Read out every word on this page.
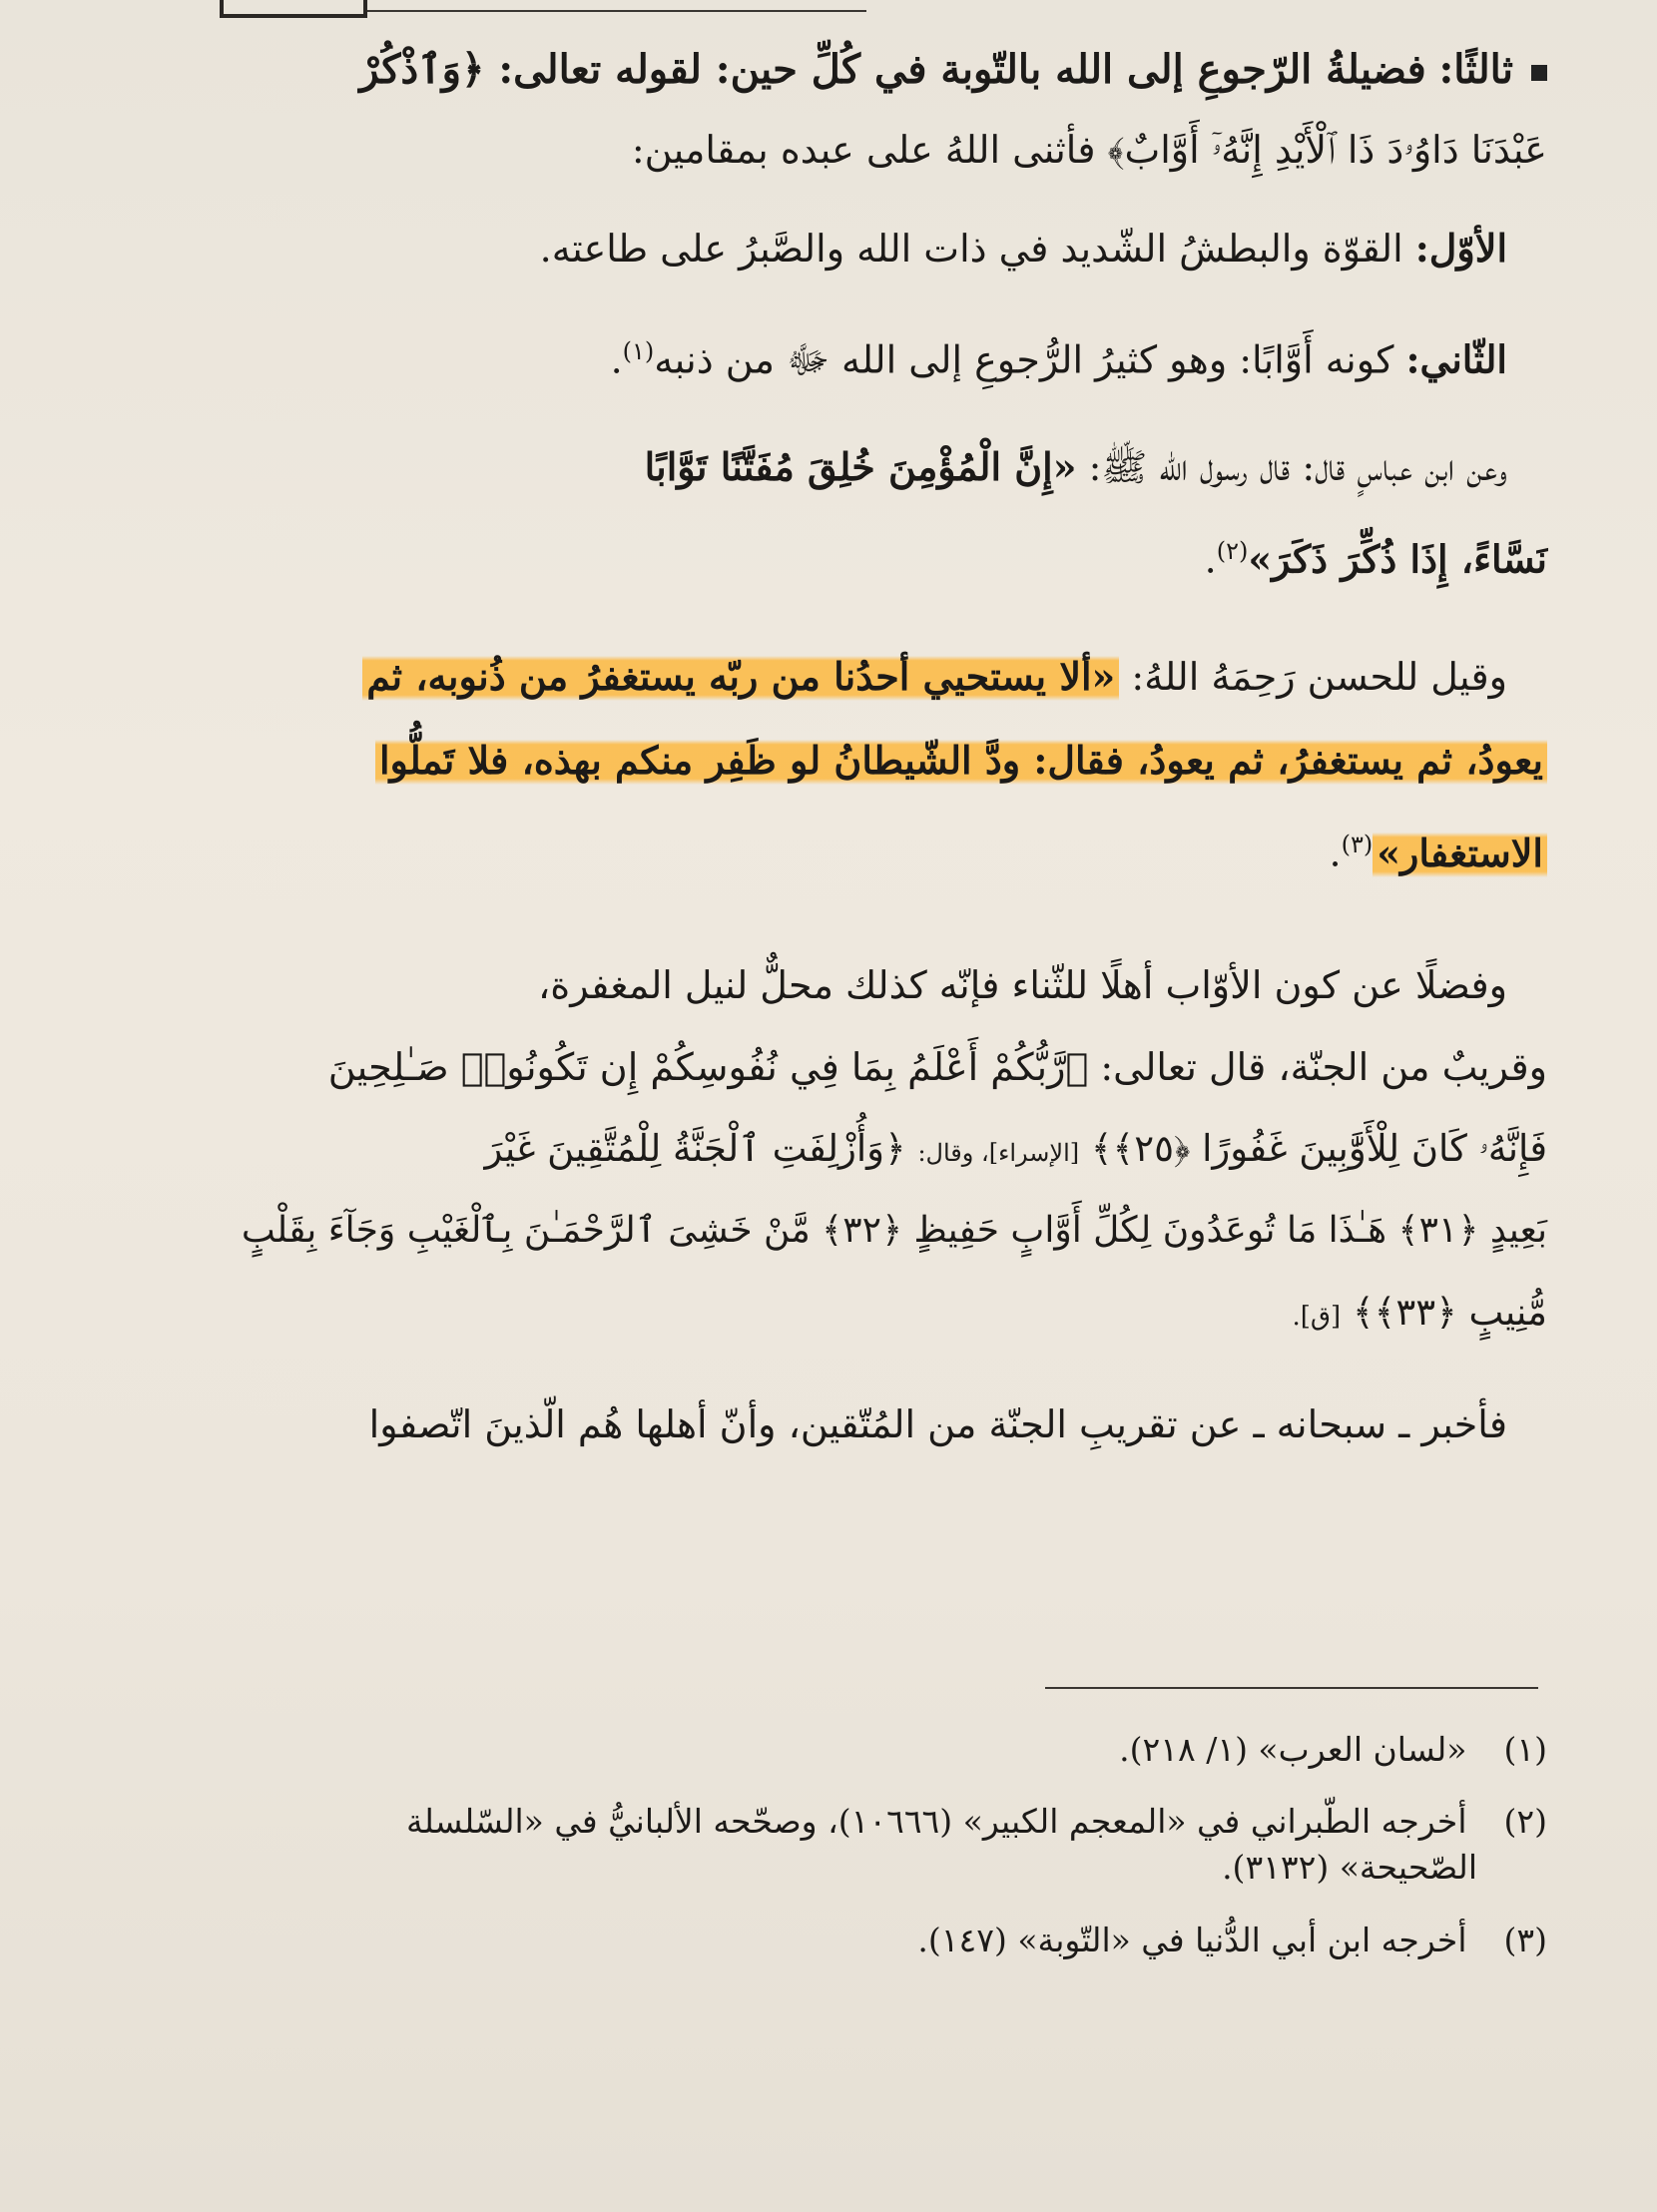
ثالثًا: فضيلةُ الرّجوعِ إلى الله بالتّوبة في كُلِّ حين: لقوله تعالى: ﴿وَٱذْكُرْ
عَبْدَنَا دَاوُۥدَ ذَا ٱلْأَيْدِ إِنَّهُۥٓ أَوَّابٌ﴾ فأثنى اللهُ على عبده بمقامين:
الأوّل: القوّة والبطشُ الشّديد في ذات الله والصَّبرُ على طاعته.
الثّاني: كونه أَوَّابًا: وهو كثيرُ الرُّجوعِ إلى الله ﷻ من ذنبه$^{(١)}$.
وعن ابن عباسٍ قال: قال رسول الله ﷺ: «إِنَّ الْمُؤْمِنَ خُلِقَ مُفَتَّنًا تَوَّابًا
نَسَّاءً، إِذَا ذُكِّرَ ذَكَرَ»$^{(٢)}$.
وقيل للحسن رَحِمَهُ اللهُ: «ألا يستحيي أحدُنا من ربّه يستغفرُ من ذُنوبه، ثم
يعودُ، ثم يستغفرُ، ثم يعودُ، فقال: ودَّ الشّيطانُ لو ظَفِر منكم بهذه، فلا تَملُّوا
الاستغفار»$^{(٣)}$.
وفضلًا عن كون الأوّاب أهلًا للثّناء فإنّه كذلك محلٌّ لنيل المغفرة،
وقريبٌ من الجنّة، قال تعالى: ﴿رَّبُّكُمْ أَعْلَمُ بِمَا فِي نُفُوسِكُمْ إِن تَكُونُوا۟ صَـٰلِحِينَ
فَإِنَّهُۥ كَانَ لِلْأَوَّٰبِينَ غَفُورًا ﴿٢٥﴾﴾ [الإسراء]، وقال: ﴿وَأُزْلِفَتِ ٱلْجَنَّةُ لِلْمُتَّقِينَ غَيْرَ
بَعِيدٍ ﴿٣١﴾ هَـٰذَا مَا تُوعَدُونَ لِكُلِّ أَوَّابٍ حَفِيظٍ ﴿٣٢﴾ مَّنْ خَشِىَ ٱلرَّحْمَـٰنَ بِٱلْغَيْبِ وَجَآءَ بِقَلْبٍ
مُّنِيبٍ ﴿٣٣﴾﴾ [ق].
فأخبر ـ سبحانه ـ عن تقريبِ الجنّة من المُتّقين، وأنّ أهلها هُم الّذينَ اتّصفوا
(١) «لسان العرب» (١/ ٢١٨).
(٢) أخرجه الطّبراني في «المعجم الكبير» (١٠٦٦٦)، وصحّحه الألبانيُّ في «السّلسلة
الصّحيحة» (٣١٣٢).
(٣) أخرجه ابن أبي الدُّنيا في «التّوبة» (١٤٧).
